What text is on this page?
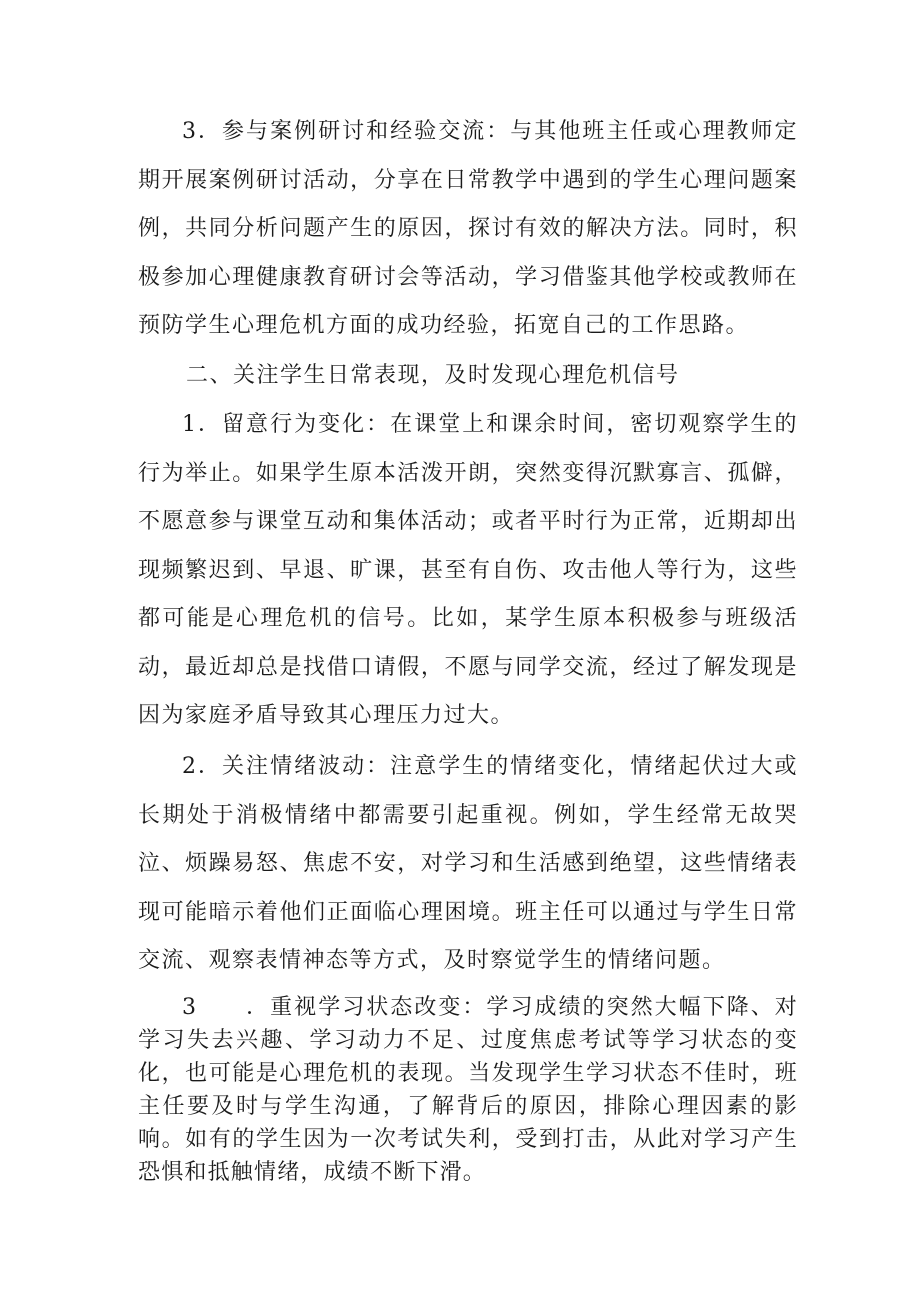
3．参与案例研讨和经验交流：与其他班主任或心理教师定期开展案例研讨活动，分享在日常教学中遇到的学生心理问题案例，共同分析问题产生的原因，探讨有效的解决方法。同时，积极参加心理健康教育研讨会等活动，学习借鉴其他学校或教师在预防学生心理危机方面的成功经验，拓宽自己的工作思路。

二、关注学生日常表现，及时发现心理危机信号

1．留意行为变化：在课堂上和课余时间，密切观察学生的行为举止。如果学生原本活泼开朗，突然变得沉默寡言、孤僻，不愿意参与课堂互动和集体活动；或者平时行为正常，近期却出现频繁迟到、早退、旷课，甚至有自伤、攻击他人等行为，这些都可能是心理危机的信号。比如，某学生原本积极参与班级活动，最近却总是找借口请假，不愿与同学交流，经过了解发现是因为家庭矛盾导致其心理压力过大。

2．关注情绪波动：注意学生的情绪变化，情绪起伏过大或长期处于消极情绪中都需要引起重视。例如，学生经常无故哭泣、烦躁易怒、焦虑不安，对学习和生活感到绝望，这些情绪表现可能暗示着他们正面临心理困境。班主任可以通过与学生日常交流、观察表情神态等方式，及时察觉学生的情绪问题。

3　　．重视学习状态改变：学习成绩的突然大幅下降、对学习失去兴趣、学习动力不足、过度焦虑考试等学习状态的变化，也可能是心理危机的表现。当发现学生学习状态不佳时，班主任要及时与学生沟通，了解背后的原因，排除心理因素的影响。如有的学生因为一次考试失利，受到打击，从此对学习产生恐惧和抵触情绪，成绩不断下滑。
